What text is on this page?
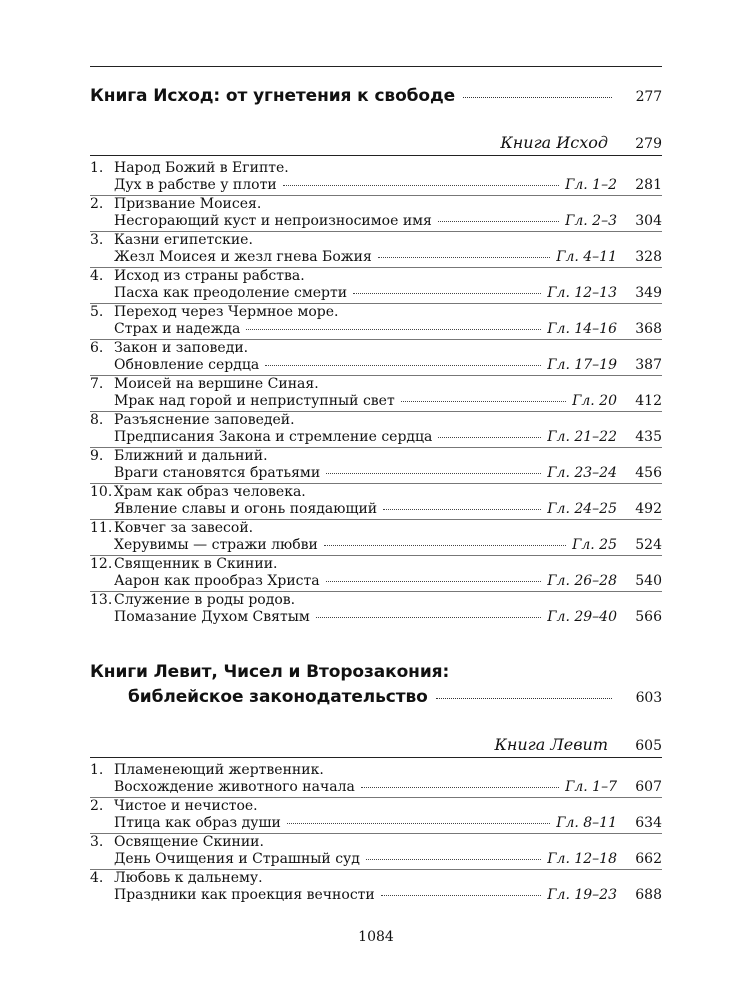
Книга Исход: от угнетения к свободе	277
Книга Исход	279
1. Народ Божий в Египте.
Дух в рабстве у плоти	Гл. 1–2	281
2. Призвание Моисея.
Несгорающий куст и непроизносимое имя	Гл. 2–3	304
3. Казни египетские.
Жезл Моисея и жезл гнева Божия	Гл. 4–11	328
4. Исход из страны рабства.
Пасха как преодоление смерти	Гл. 12–13	349
5. Переход через Чермное море.
Страх и надежда	Гл. 14–16	368
6. Закон и заповеди.
Обновление сердца	Гл. 17–19	387
7. Моисей на вершине Синая.
Мрак над горой и неприступный свет	Гл. 20	412
8. Разъяснение заповедей.
Предписания Закона и стремление сердца	Гл. 21–22	435
9. Ближний и дальний.
Враги становятся братьями	Гл. 23–24	456
10. Храм как образ человека.
Явление славы и огонь поядающий	Гл. 24–25	492
11. Ковчег за завесой.
Херувимы — стражи любви	Гл. 25	524
12. Священник в Скинии.
Аарон как прообраз Христа	Гл. 26–28	540
13. Служение в роды родов.
Помазание Духом Святым	Гл. 29–40	566
Книги Левит, Чисел и Второзакония:
библейское законодательство	603
Книга Левит	605
1. Пламенеющий жертвенник.
Восхождение животного начала	Гл. 1–7	607
2. Чистое и нечистое.
Птица как образ души	Гл. 8–11	634
3. Освящение Скинии.
День Очищения и Страшный суд	Гл. 12–18	662
4. Любовь к дальнему.
Праздники как проекция вечности	Гл. 19–23	688
1084
